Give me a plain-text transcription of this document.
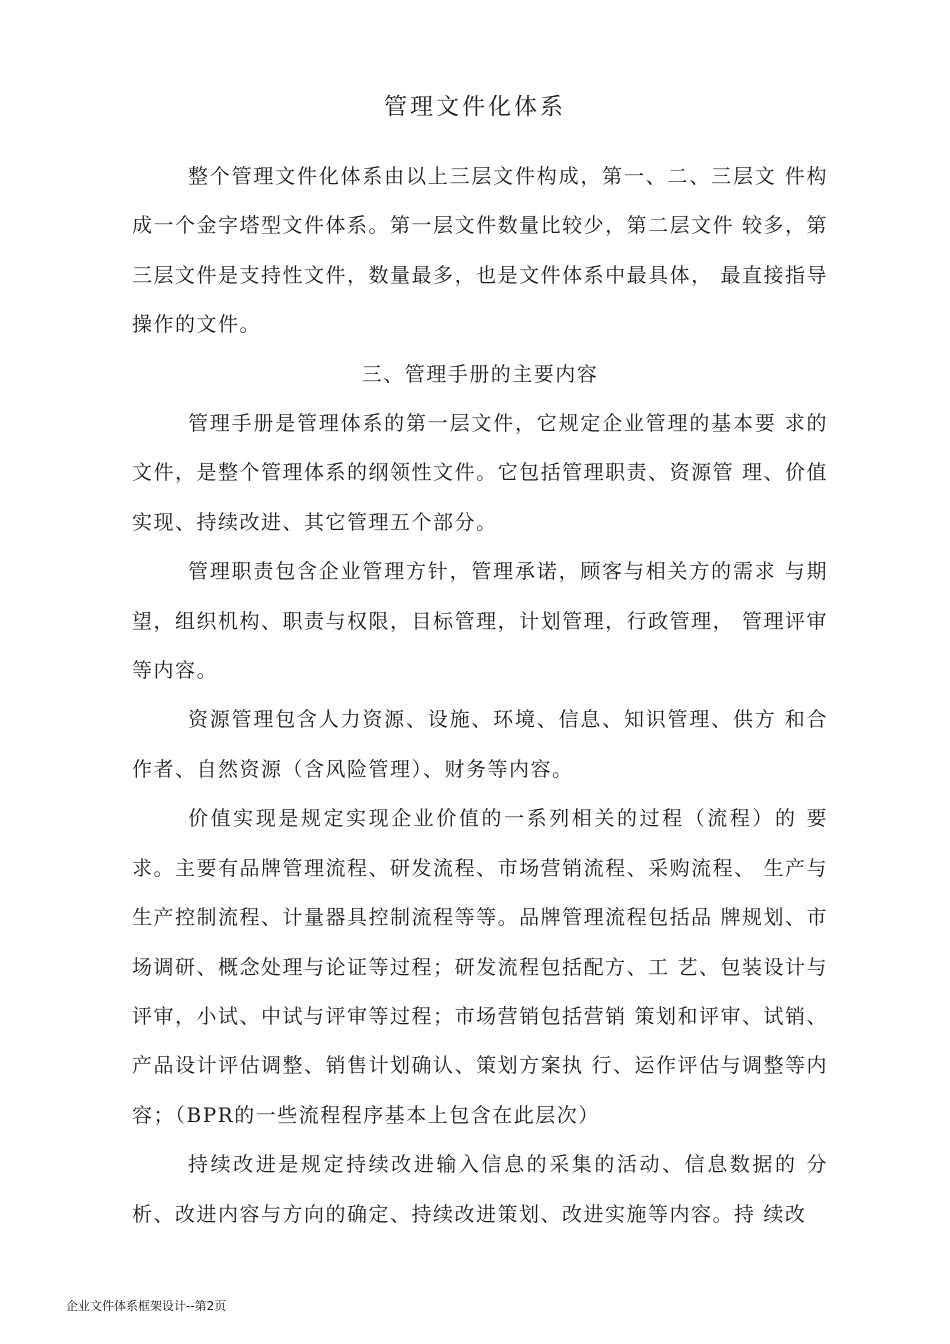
管理文件化体系

整个管理文件化体系由以上三层文件构成，第一、二、三层文 件构成一个金字塔型文件体系。第一层文件数量比较少，第二层文件 较多，第三层文件是支持性文件，数量最多，也是文件体系中最具体， 最直接指导操作的文件。

三、管理手册的主要内容

管理手册是管理体系的第一层文件，它规定企业管理的基本要 求的文件，是整个管理体系的纲领性文件。它包括管理职责、资源管 理、价值实现、持续改进、其它管理五个部分。

管理职责包含企业管理方针，管理承诺，顾客与相关方的需求 与期望，组织机构、职责与权限，目标管理，计划管理，行政管理， 管理评审等内容。

资源管理包含人力资源、设施、环境、信息、知识管理、供方 和合作者、自然资源（含风险管理）、财务等内容。

价值实现是规定实现企业价值的一系列相关的过程（流程）的 要求。主要有品牌管理流程、研发流程、市场营销流程、采购流程、 生产与生产控制流程、计量器具控制流程等等。品牌管理流程包括品 牌规划、市场调研、概念处理与论证等过程；研发流程包括配方、工 艺、包装设计与评审，小试、中试与评审等过程；市场营销包括营销 策划和评审、试销、产品设计评估调整、销售计划确认、策划方案执 行、运作评估与调整等内容；（BPR的一些流程程序基本上包含在此层次）

持续改进是规定持续改进输入信息的采集的活动、信息数据的 分析、改进内容与方向的确定、持续改进策划、改进实施等内容。持 续改

企业文件体系框架设计--第2页
